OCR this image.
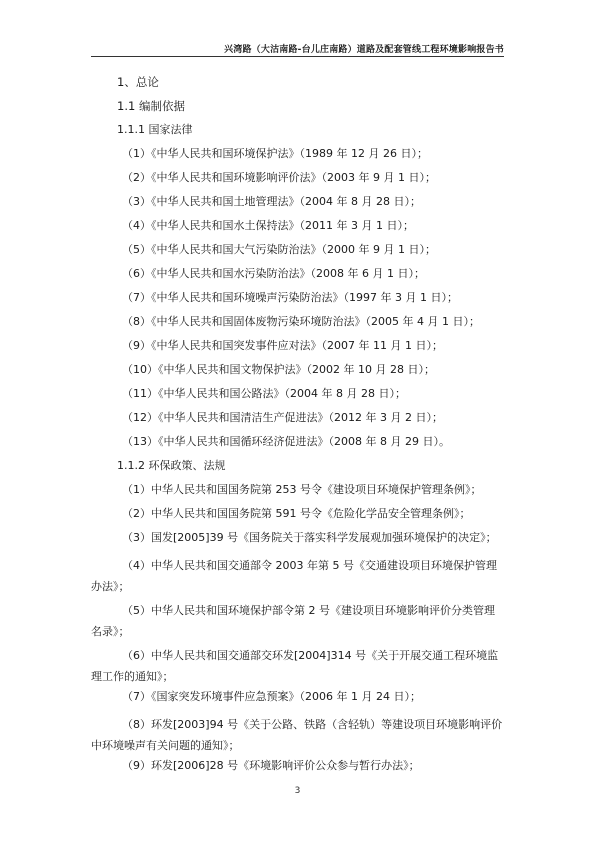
兴湾路（大沽南路-台儿庄南路）道路及配套管线工程环境影响报告书
1、总论
1.1 编制依据
1.1.1 国家法律
（1）《中华人民共和国环境保护法》（1989 年 12 月 26 日）；
（2）《中华人民共和国环境影响评价法》（2003 年 9 月 1 日）；
（3）《中华人民共和国土地管理法》（2004 年 8 月 28 日）；
（4）《中华人民共和国水土保持法》（2011 年 3 月 1 日）；
（5）《中华人民共和国大气污染防治法》（2000 年 9 月 1 日）；
（6）《中华人民共和国水污染防治法》（2008 年 6 月 1 日）；
（7）《中华人民共和国环境噪声污染防治法》（1997 年 3 月 1 日）；
（8）《中华人民共和国固体废物污染环境防治法》（2005 年 4 月 1 日）；
（9）《中华人民共和国突发事件应对法》（2007 年 11 月 1 日）；
（10）《中华人民共和国文物保护法》（2002 年 10 月 28 日）；
（11）《中华人民共和国公路法》（2004 年 8 月 28 日）；
（12）《中华人民共和国清洁生产促进法》（2012 年 3 月 2 日）；
（13）《中华人民共和国循环经济促进法》（2008 年 8 月 29 日）。
1.1.2 环保政策、法规
（1）中华人民共和国国务院第 253 号令《建设项目环境保护管理条例》；
（2）中华人民共和国国务院第 591 号令《危险化学品安全管理条例》；
（3）国发[2005]39 号《国务院关于落实科学发展观加强环境保护的决定》；
（4）中华人民共和国交通部令 2003 年第 5 号《交通建设项目环境保护管理办法》；
（5）中华人民共和国环境保护部令第 2 号《建设项目环境影响评价分类管理名录》；
（6）中华人民共和国交通部交环发[2004]314 号《关于开展交通工程环境监理工作的通知》；
（7）《国家突发环境事件应急预案》（2006 年 1 月 24 日）；
（8）环发[2003]94 号《关于公路、铁路（含轻轨）等建设项目环境影响评价中环境噪声有关问题的通知》；
（9）环发[2006]28 号《环境影响评价公众参与暂行办法》；
3
